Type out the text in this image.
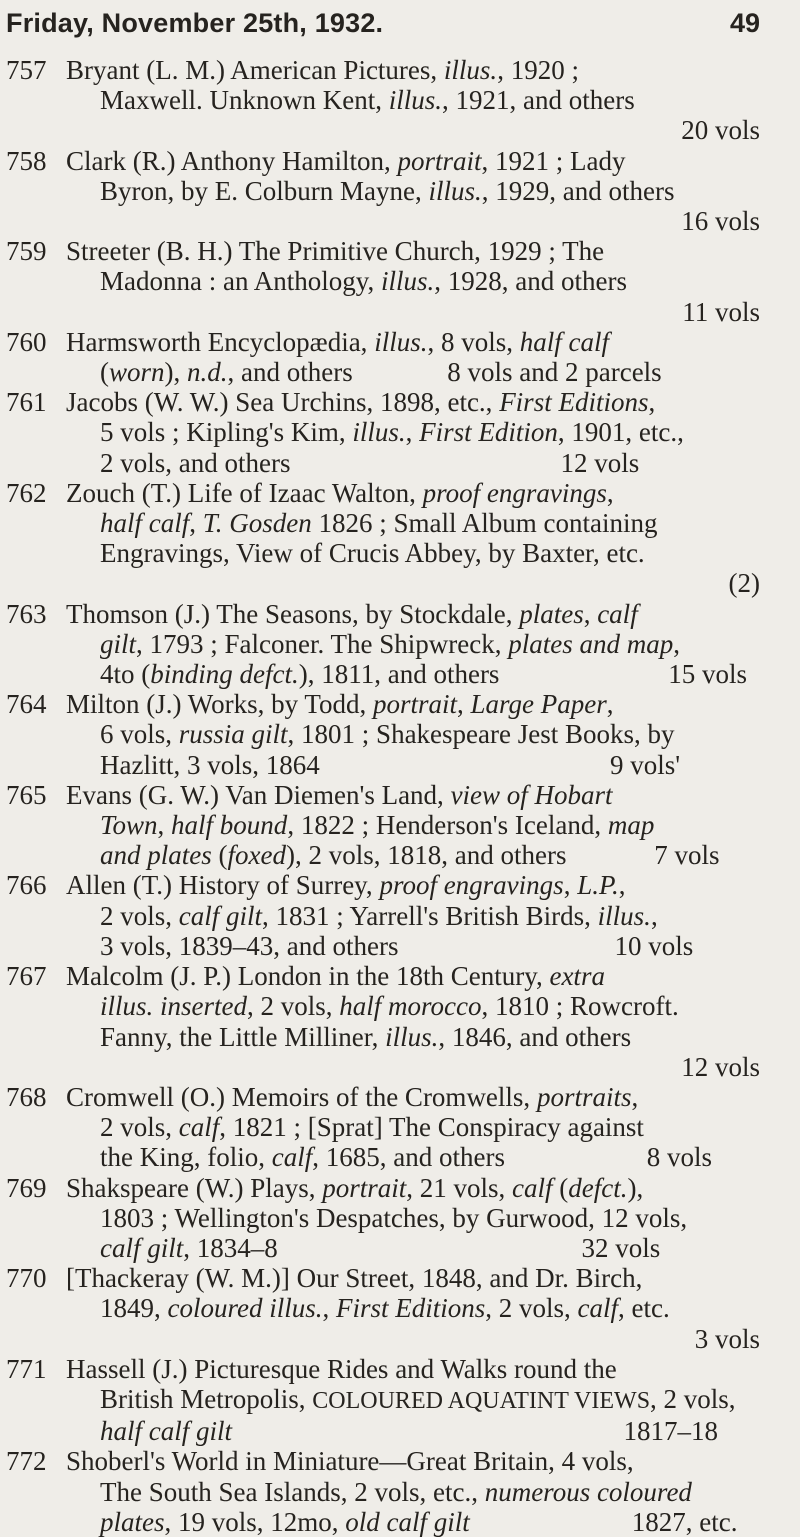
Friday, November 25th, 1932.	49
757 Bryant (L. M.) American Pictures, illus., 1920 ;
Maxwell. Unknown Kent, illus., 1921, and others
20 vols
758 Clark (R.) Anthony Hamilton, portrait, 1921 ; Lady
Byron, by E. Colburn Mayne, illus., 1929, and others
16 vols
759 Streeter (B. H.) The Primitive Church, 1929 ; The
Madonna : an Anthology, illus., 1928, and others
11 vols
760 Harmsworth Encyclopædia, illus., 8 vols, half calf
(worn), n.d., and others              8 vols and 2 parcels
761 Jacobs (W. W.) Sea Urchins, 1898, etc., First Editions,
5 vols ; Kipling's Kim, illus., First Edition, 1901, etc.,
2 vols, and others                                        12 vols
762 Zouch (T.) Life of Izaac Walton, proof engravings,
half calf, T. Gosden 1826 ; Small Album containing
Engravings, View of Crucis Abbey, by Baxter, etc.
(2)
763 Thomson (J.) The Seasons, by Stockdale, plates, calf
gilt, 1793 ; Falconer. The Shipwreck, plates and map,
4to (binding defct.), 1811, and others                         15 vols
764 Milton (J.) Works, by Todd, portrait, Large Paper,
6 vols, russia gilt, 1801 ; Shakespeare Jest Books, by
Hazlitt, 3 vols, 1864                                           9 vols'
765 Evans (G. W.) Van Diemen's Land, view of Hobart
Town, half bound, 1822 ; Henderson's Iceland, map
and plates (foxed), 2 vols, 1818, and others             7 vols
766 Allen (T.) History of Surrey, proof engravings, L.P.,
2 vols, calf gilt, 1831 ; Yarrell's British Birds, illus.,
3 vols, 1839–43, and others                                10 vols
767 Malcolm (J. P.) London in the 18th Century, extra
illus. inserted, 2 vols, half morocco, 1810 ; Rowcroft.
Fanny, the Little Milliner, illus., 1846, and others
12 vols
768 Cromwell (O.) Memoirs of the Cromwells, portraits,
2 vols, calf, 1821 ; [Sprat] The Conspiracy against
the King, folio, calf, 1685, and others                     8 vols
769 Shakspeare (W.) Plays, portrait, 21 vols, calf (defct.),
1803 ; Wellington's Despatches, by Gurwood, 12 vols,
calf gilt, 1834–8                                             32 vols
770 [Thackeray (W. M.)] Our Street, 1848, and Dr. Birch,
1849, coloured illus., First Editions, 2 vols, calf, etc.
3 vols
771 Hassell (J.) Picturesque Rides and Walks round the
British Metropolis, COLOURED AQUATINT VIEWS, 2 vols,
half calf gilt                                                          1817–18
772 Shoberl's World in Miniature—Great Britain, 4 vols,
The South Sea Islands, 2 vols, etc., numerous coloured
plates, 19 vols, 12mo, old calf gilt                        1827, etc.
